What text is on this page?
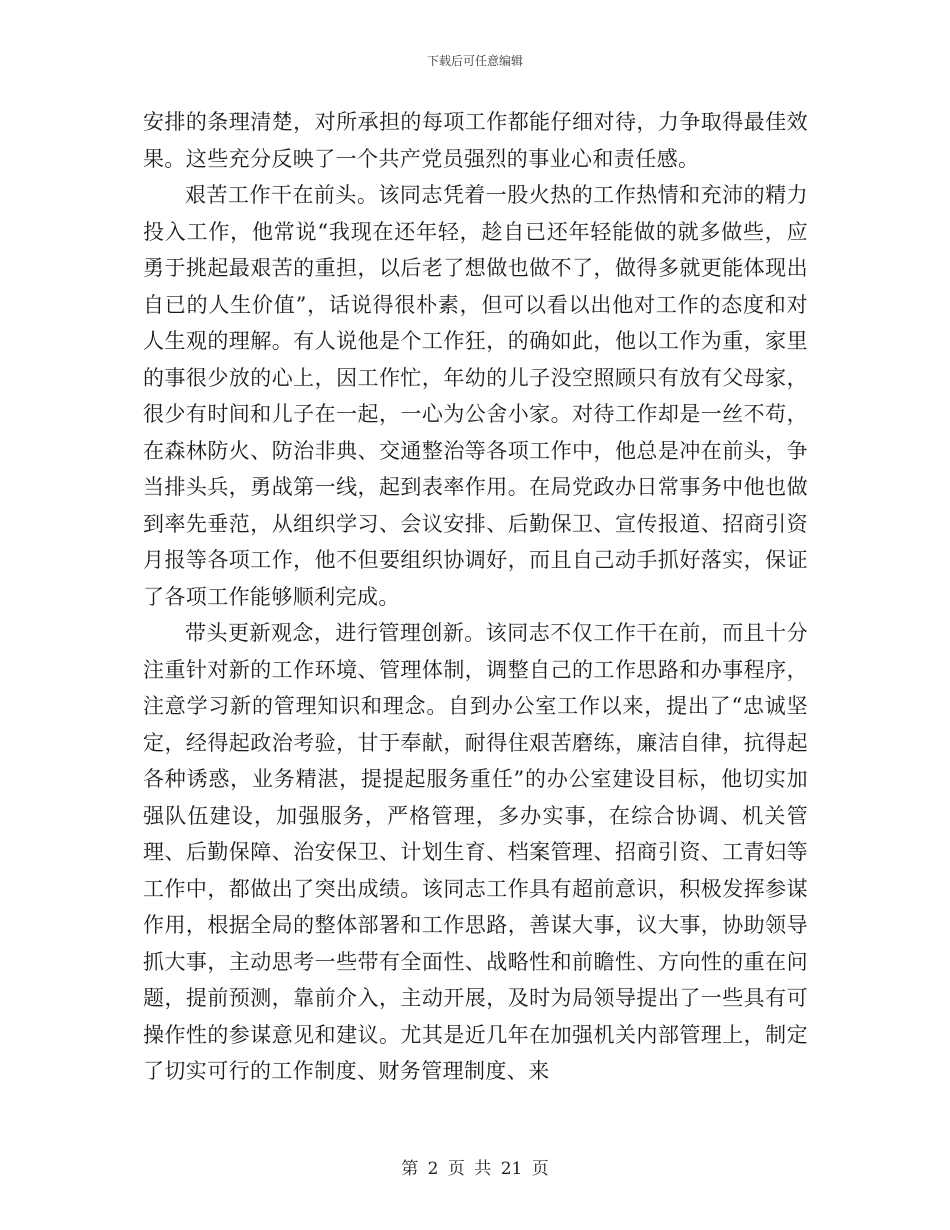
下载后可任意编辑

安排的条理清楚，对所承担的每项工作都能仔细对待，力争取得最佳效果。这些充分反映了一个共产党员强烈的事业心和责任感。

艰苦工作干在前头。该同志凭着一股火热的工作热情和充沛的精力投入工作，他常说“我现在还年轻，趁自已还年轻能做的就多做些，应勇于挑起最艰苦的重担，以后老了想做也做不了，做得多就更能体现出自已的人生价值”，话说得很朴素，但可以看以出他对工作的态度和对人生观的理解。有人说他是个工作狂，的确如此，他以工作为重，家里的事很少放的心上，因工作忙，年幼的儿子没空照顾只有放有父母家，很少有时间和儿子在一起，一心为公舍小家。对待工作却是一丝不苟，在森林防火、防治非典、交通整治等各项工作中，他总是冲在前头，争当排头兵，勇战第一线，起到表率作用。在局党政办日常事务中他也做到率先垂范，从组织学习、会议安排、后勤保卫、宣传报道、招商引资月报等各项工作，他不但要组织协调好，而且自己动手抓好落实，保证了各项工作能够顺利完成。

带头更新观念，进行管理创新。该同志不仅工作干在前，而且十分注重针对新的工作环境、管理体制，调整自己的工作思路和办事程序，注意学习新的管理知识和理念。自到办公室工作以来，提出了“忠诚坚定，经得起政治考验，甘于奉献，耐得住艰苦磨练，廉洁自律，抗得起各种诱惑，业务精湛，提提起服务重任”的办公室建设目标，他切实加强队伍建设，加强服务，严格管理，多办实事，在综合协调、机关管理、后勤保障、治安保卫、计划生育、档案管理、招商引资、工青妇等工作中，都做出了突出成绩。该同志工作具有超前意识，积极发挥参谋作用，根据全局的整体部署和工作思路，善谋大事，议大事，协助领导抓大事，主动思考一些带有全面性、战略性和前瞻性、方向性的重在问题，提前预测，靠前介入，主动开展，及时为局领导提出了一些具有可操作性的参谋意见和建议。尤其是近几年在加强机关内部管理上，制定了切实可行的工作制度、财务管理制度、来

第 2 页 共 21 页
